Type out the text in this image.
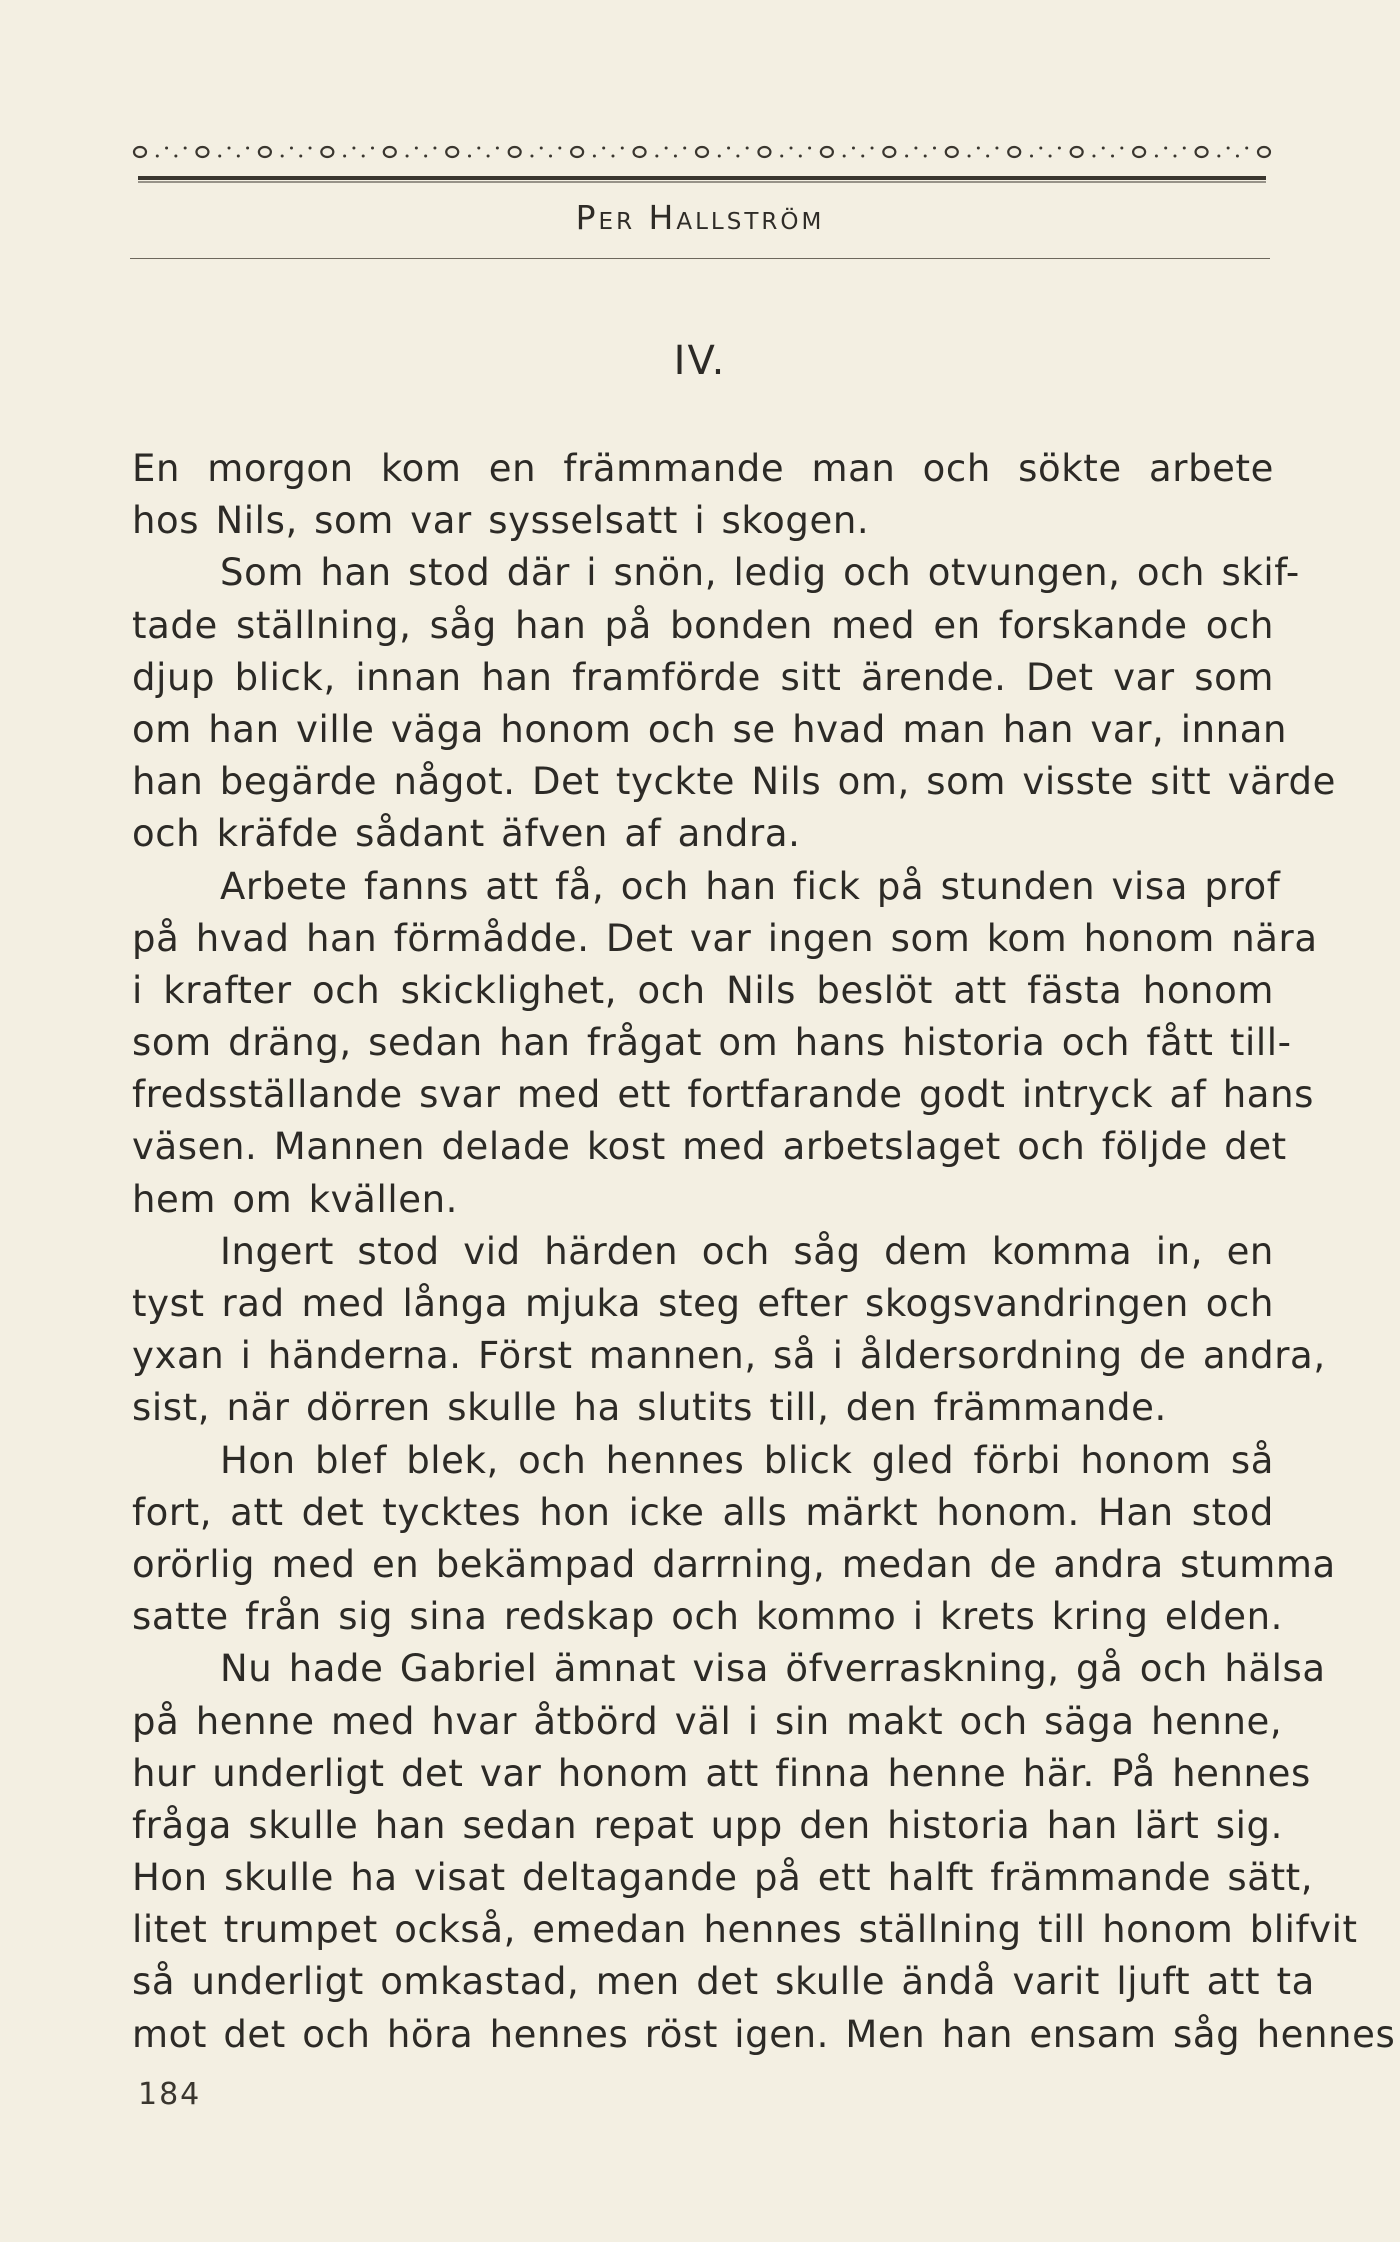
Per Hallström
IV.
En morgon kom en främmande man och sökte arbete
hos Nils, som var sysselsatt i skogen.
Som han stod där i snön, ledig och otvungen, och skif-
tade ställning, såg han på bonden med en forskande och
djup blick, innan han framförde sitt ärende. Det var som
om han ville väga honom och se hvad man han var, innan
han begärde något. Det tyckte Nils om, som visste sitt värde
och kräfde sådant äfven af andra.
Arbete fanns att få, och han fick på stunden visa prof
på hvad han förmådde. Det var ingen som kom honom nära
i krafter och skicklighet, och Nils beslöt att fästa honom
som dräng, sedan han frågat om hans historia och fått till-
fredsställande svar med ett fortfarande godt intryck af hans
väsen. Mannen delade kost med arbetslaget och följde det
hem om kvällen.
Ingert stod vid härden och såg dem komma in, en
tyst rad med långa mjuka steg efter skogsvandringen och
yxan i händerna. Först mannen, så i åldersordning de andra,
sist, när dörren skulle ha slutits till, den främmande.
Hon blef blek, och hennes blick gled förbi honom så
fort, att det tycktes hon icke alls märkt honom. Han stod
orörlig med en bekämpad darrning, medan de andra stumma
satte från sig sina redskap och kommo i krets kring elden.
Nu hade Gabriel ämnat visa öfverraskning, gå och hälsa
på henne med hvar åtbörd väl i sin makt och säga henne,
hur underligt det var honom att finna henne här. På hennes
fråga skulle han sedan repat upp den historia han lärt sig.
Hon skulle ha visat deltagande på ett halft främmande sätt,
litet trumpet också, emedan hennes ställning till honom blifvit
så underligt omkastad, men det skulle ändå varit ljuft att ta
mot det och höra hennes röst igen. Men han ensam såg hennes
184
